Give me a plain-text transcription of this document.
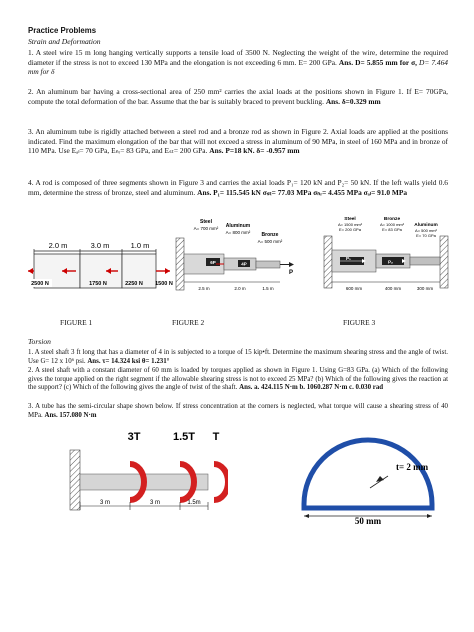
Practice Problems
Strain and Deformation
1. A steel wire 15 m long hanging vertically supports a tensile load of 3500 N. Neglecting the weight of the wire, determine the required diameter if the stress is not to exceed 130 MPa and the elongation is not exceeding 6 mm. E= 200 GPa. Ans. D= 5.855 mm for σ, D= 7.464 mm for δ
2. An aluminum bar having a cross-sectional area of 250 mm² carries the axial loads at the positions shown in Figure 1. If E= 70GPa, compute the total deformation of the bar. Assume that the bar is suitably braced to prevent buckling. Ans. δ=0.329 mm
3. An aluminum tube is rigidly attached between a steel rod and a bronze rod as shown in Figure 2. Axial loads are applied at the positions indicated. Find the maximum elongation of the bar that will not exceed a stress in aluminum of 90 MPa, in steel of 160 MPa and in bronze of 110 MPa. Use Eₐₗ= 70 GPa, Eₙᵣ= 83 GPa, and Eₛₜ= 200 GPa. Ans. P=18 kN. δ= -0.957 mm
4. A rod is composed of three segments shown in Figure 3 and carries the axial loads P₁= 120 kN and P₂= 50 kN. If the left walls yield 0.6 mm, determine the stress of bronze, steel and aluminum. Ans. P₁= 115.545 kN σₛₜ= 77.03 MPa σₙᵣ= 4.455 MPa σₐₗ= 91.0 MPa
2.0 m	3.0 m	1.0 m
2500 N	1750 N	2250 N 1500 N
Steel
A= 700 mm² Aluminum
A= 800 mm² Bronze
A= 500 mm²
6P	4P
P
2.5 m	2.0 m	1.5 m
Steel
A= 1500 mm²
E= 200 GPa
Bronze
A= 1000 mm²
E= 83 GPa
Aluminum
A= 500 mm²
E= 70 GPa
P₁
P₂
600 mm	400 mm	300 mm
FIGURE 1	FIGURE 2	FIGURE 3
Torsion
1. A steel shaft 3 ft long that has a diameter of 4 in is subjected to a torque of 15 kip•ft. Determine the maximum shearing stress and the angle of twist. Use G= 12 x 10⁶ psi. Ans. τ= 14.324 ksi θ= 1.231°
2. A steel shaft with a constant diameter of 60 mm is loaded by torques applied as shown in Figure 1. Using G=83 GPa. (a) Which of the following gives the torque applied on the right segment if the allowable shearing stress is not to exceed 25 MPa? (b) Which of the following gives the reaction at the support? (c) Which of the following gives the angle of twist of the shaft. Ans. a. 424.115 N·m b. 1060.287 N·m c. 0.030 rad
3. A tube has the semi-circular shape shown below. If stress concentration at the corners is neglected, what torque will cause a shearing stress of 40 MPa. Ans. 157.080 N·m
3T	1.5T T
3 m	3 m	1.5m
t= 2 mm
50 mm
